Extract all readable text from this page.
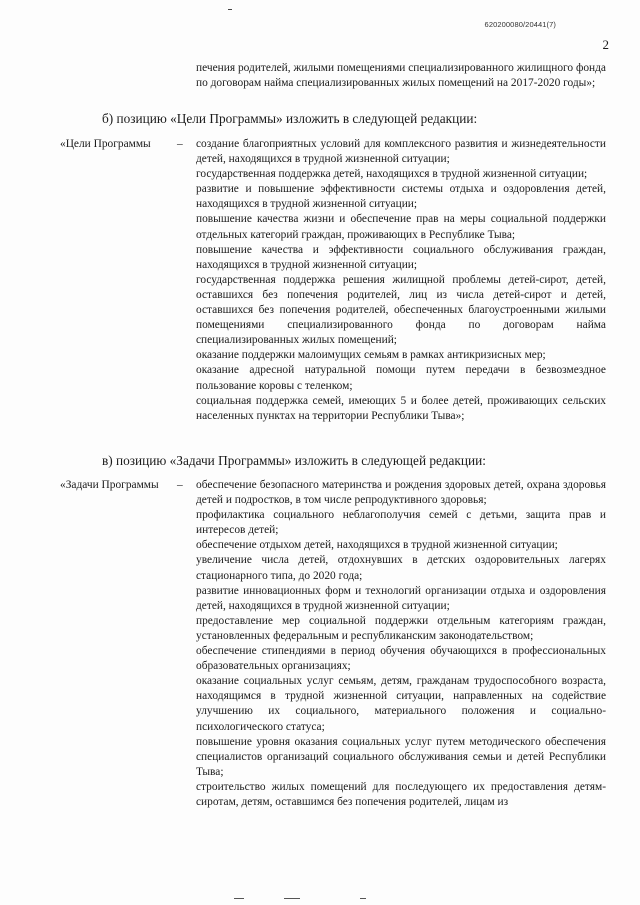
620200080/20441(7)
2

печения родителей, жилыми помещениями специализированного жилищного фонда по договорам найма специализированных жилых помещений на 2017-2020 годы»;

б) позицию «Цели Программы» изложить в следующей редакции:
«Цели Программы	– создание благоприятных условий для комплексного развития и жизнедеятельности детей, находящихся в трудной жизненной ситуации;

государственная поддержка детей, находящихся в трудной жизненной ситуации;

развитие и повышение эффективности системы отдыха и оздоровления детей, находящихся в трудной жизненной ситуации;

повышение качества жизни и обеспечение прав на меры социальной поддержки отдельных категорий граждан, проживающих в Республике Тыва;

повышение качества и эффективности социального обслуживания граждан, находящихся в трудной жизненной ситуации;

государственная поддержка решения жилищной проблемы детей-сирот, детей, оставшихся без попечения родителей, лиц из числа детей-сирот и детей, оставшихся без попечения родителей, обеспеченных благоустроенными жилыми помещениями специализированного фонда по договорам найма специализированных жилых помещений;

оказание поддержки малоимущих семьям в рамках антикризисных мер;

оказание адресной натуральной помощи путем передачи в безвозмездное пользование коровы с теленком;

социальная поддержка семей, имеющих 5 и более детей, проживающих сельских населенных пунктах на территории Республики Тыва»;

в) позицию «Задачи Программы» изложить в следующей редакции:
«Задачи Программы	– обеспечение безопасного материнства и рождения здоровых детей, охрана здоровья детей и подростков, в том числе репродуктивного здоровья;

профилактика социального неблагополучия семей с детьми, защита прав и интересов детей;

обеспечение отдыхом детей, находящихся в трудной жизненной ситуации;

увеличение числа детей, отдохнувших в детских оздоровительных лагерях стационарного типа, до 2020 года;

развитие инновационных форм и технологий организации отдыха и оздоровления детей, находящихся в трудной жизненной ситуации;

предоставление мер социальной поддержки отдельным категориям граждан, установленных федеральным и республиканским законодательством;

обеспечение стипендиями в период обучения обучающихся в профессиональных образовательных организациях;

оказание социальных услуг семьям, детям, гражданам трудоспособного возраста, находящимся в трудной жизненной ситуации, направленных на содействие улучшению их социального, материального положения и социально-психологического статуса;

повышение уровня оказания социальных услуг путем методического обеспечения специалистов организаций социального обслуживания семьи и детей Республики Тыва;

строительство жилых помещений для последующего их предоставления детям-сиротам, детям, оставшимся без попечения родителей, лицам из
